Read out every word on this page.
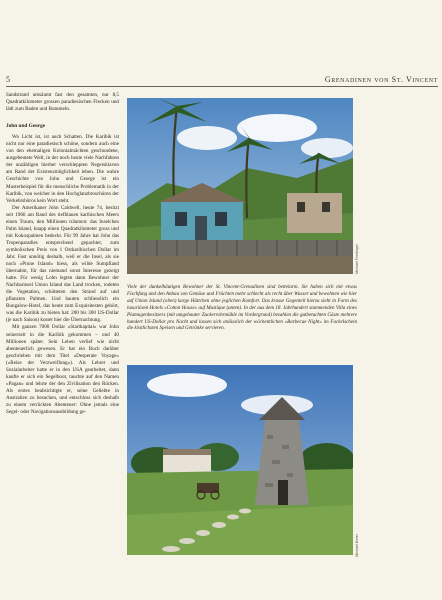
5	Grenadinen von St. Vincent

Sandstrand umsäumt fast den gesamten, nur 8,5 Quadratkilometer grossen paradiesischen Flecken und lädt zum Baden und Bummeln.

John und George

Wo Licht ist, ist auch Schatten. Die Karibik ist nicht nur eine paradiesisch schöne, sondern auch eine von den ehemaligen Kolonialmächten geschundene, ausgebeutete Welt, in der noch heute viele Nachfahren der unzähligen hierher verschleppten Negersklaven am Rand der Existenzmöglichkeit leben. Die wahre Geschichte von John und George ist ein Musterbeispiel für die menschliche Problematik in der Karibik, von welcher in den Hochglanzbroschüren der Verkehrsbüros kein Wort steht.

Der Amerikaner John Caldwell, heute 74, besitzt seit 1966 am Rand des tiefblauen karibischen Meers einen Traum, den Millionen träumen: das Inselchen Palm Island, knapp einen Quadratkilometer gross und mit Kokospalmen bedeckt. Für 99 Jahre hat John das Tropenparadies entsprechend gepachtet, zum symbolischen Preis von 1 Ostkaribischen Dollar im Jahr. Fast unnötig deshalb, weil er die Insel, als sie noch «Prune Island» hiess, als wilde Sumpfland übernahm, für das niemand sonst Interesse gezeigt hatte. Für wenig Lohn legten dann Bewohner der Nachbarinsel Union Island das Land trocken, rodeten die Vegetation, schütteten den Strand auf und pflanzten Palmen. Und bauten schliesslich ein Bungalow-Hotel, das heute zum Exquisitesten gehört, was die Karibik zu bieten hat: 200 bis 300 US-Dollar (je nach Saison) kostet hier die Übernachtung.

Mit ganzen 7000 Dollar «Startkapital» war John seinerzeit in die Karibik gekommen – und 40 Millionen später. Sein Leben verlief wie nicht abenteuerlich gewesen. Er hat ein Buch darüber geschrieben mit dem Titel «Desperate Voyage» («Reise der Verzweiflung»). Als Lehrer und Sozialarbeiter hatte er in den USA gearbeitet, dann kaufte er sich ein Segelboot, tauchte auf den Namen «Pagan» und lehrte der den Zivilisation den Rücken. Als erstes beabsichtigte er, seine Geliebte in Australien zu besuchen, und entschloss sich deshalb zu einem verrückten Abenteuer: Ohne jemals eine Segel- oder Navigationsausbildung ge-

Michael Friedinger
Viele der dunkelhäutigen Bewohner der St. Vincent-Grenadinen sind bettelarm. Sie haben sich mit etwas Fischfang und den Anbau von Gemüse und Früchten mehr schlecht als recht über Wasser und bewohnen wie hier auf Union Island (oben) karge Hüttchen ohne jeglichen Komfort. Das krasse Gegenteil hierzu sieht in Form des luxuriösen Hotels «Cotton House» auf Mustique (unten). In der aus dem 18. Jahrhundert stammenden Villa eines Plantagenbesitzers (mit umgebauter Zuckerrohrmühle im Vordergrund) bezahlen die gutbetuchten Gäste mehrere hundert US-Dollar pro Nacht und lassen sich anlässlich der wöchentlichen «Barbecue Night» im Fackelschein die köstlichsten Speisen und Getränke servieren.
Michael Bieler
